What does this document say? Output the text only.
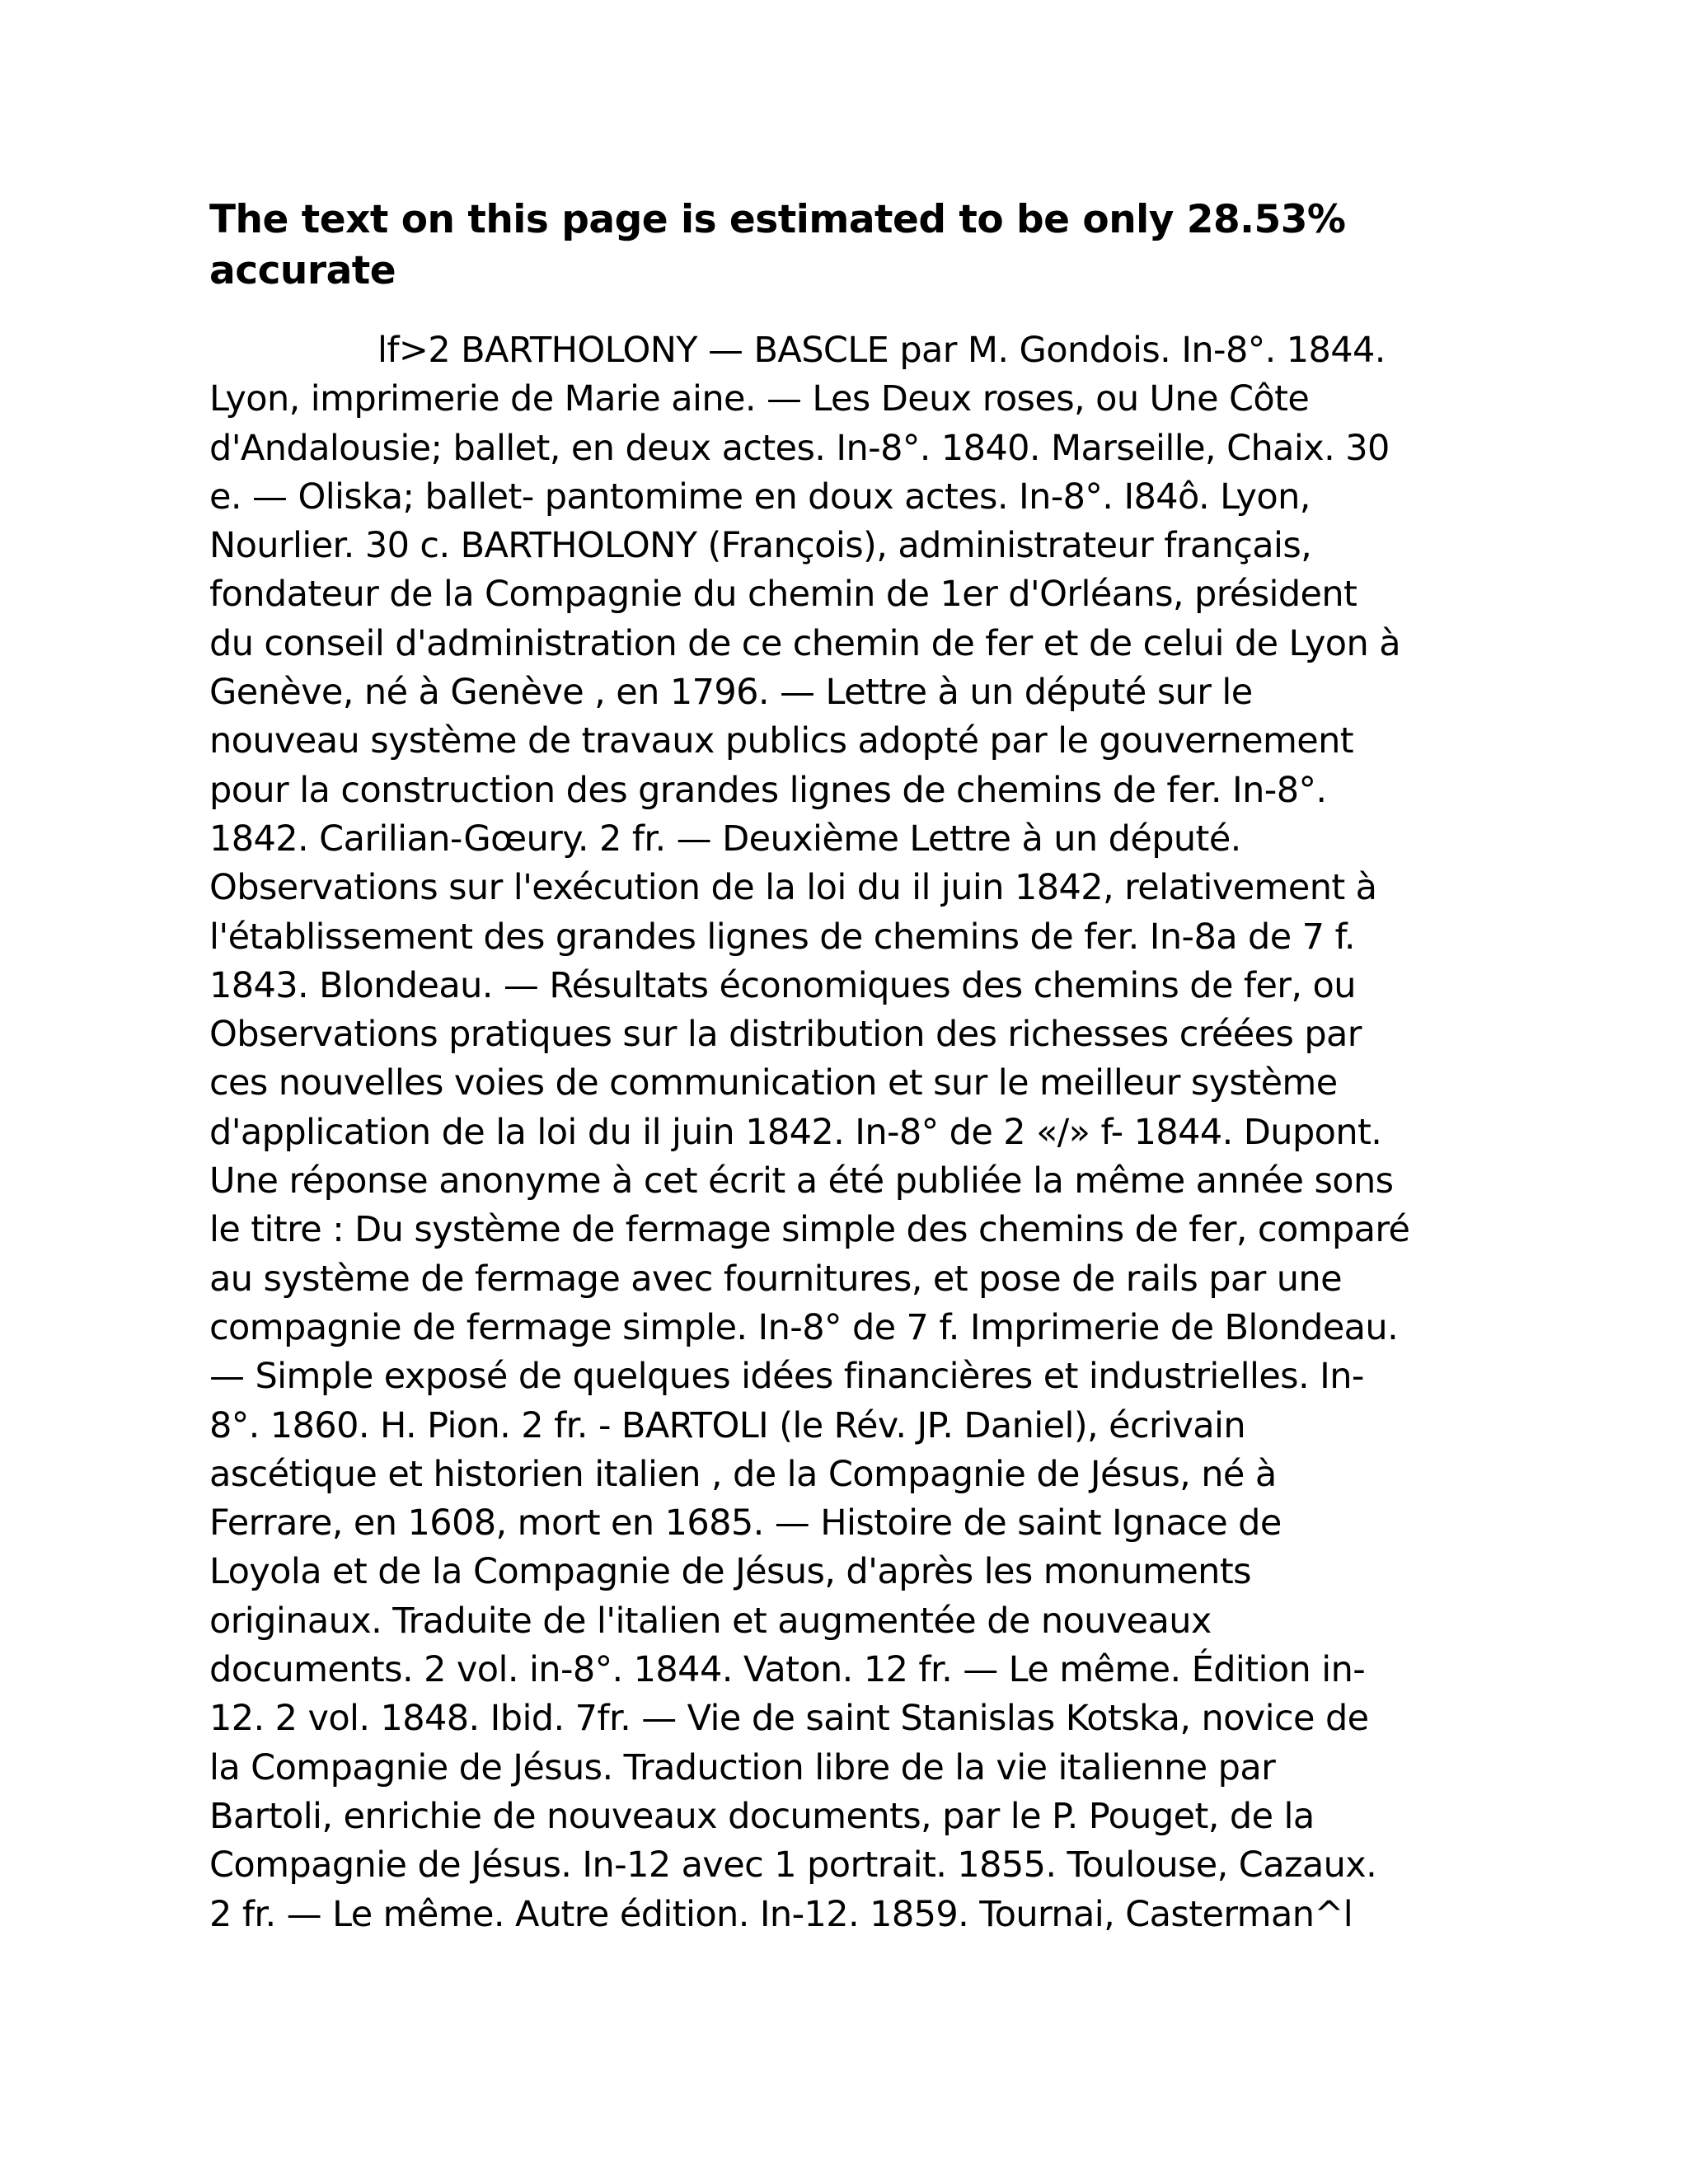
The text on this page is estimated to be only 28.53%
accurate
lf>2 BARTHOLONY — BASCLE par M. Gondois. In-8°. 1844.
Lyon, imprimerie de Marie aine. — Les Deux roses, ou Une Côte
d'Andalousie; ballet, en deux actes. In-8°. 1840. Marseille, Chaix. 30
e. — Oliska; ballet- pantomime en doux actes. In-8°. I84ô. Lyon,
Nourlier. 30 c. BARTHOLONY (François), administrateur français,
fondateur de la Compagnie du chemin de 1er d'Orléans, président
du conseil d'administration de ce chemin de fer et de celui de Lyon à
Genève, né à Genève , en 1796. — Lettre à un député sur le
nouveau système de travaux publics adopté par le gouvernement
pour la construction des grandes lignes de chemins de fer. In-8°.
1842. Carilian-Gœury. 2 fr. — Deuxième Lettre à un député.
Observations sur l'exécution de la loi du il juin 1842, relativement à
l'établissement des grandes lignes de chemins de fer. In-8a de 7 f.
1843. Blondeau. — Résultats économiques des chemins de fer, ou
Observations pratiques sur la distribution des richesses créées par
ces nouvelles voies de communication et sur le meilleur système
d'application de la loi du il juin 1842. In-8° de 2 «/» f- 1844. Dupont.
Une réponse anonyme à cet écrit a été publiée la même année sons
le titre : Du système de fermage simple des chemins de fer, comparé
au système de fermage avec fournitures, et pose de rails par une
compagnie de fermage simple. In-8° de 7 f. Imprimerie de Blondeau.
— Simple exposé de quelques idées financières et industrielles. In-
8°. 1860. H. Pion. 2 fr. - BARTOLI (le Rév. JP. Daniel), écrivain
ascétique et historien italien , de la Compagnie de Jésus, né à
Ferrare, en 1608, mort en 1685. — Histoire de saint Ignace de
Loyola et de la Compagnie de Jésus, d'après les monuments
originaux. Traduite de l'italien et augmentée de nouveaux
documents. 2 vol. in-8°. 1844. Vaton. 12 fr. — Le même. Édition in-
12. 2 vol. 1848. Ibid. 7fr. — Vie de saint Stanislas Kotska, novice de
la Compagnie de Jésus. Traduction libre de la vie italienne par
Bartoli, enrichie de nouveaux documents, par le P. Pouget, de la
Compagnie de Jésus. In-12 avec 1 portrait. 1855. Toulouse, Cazaux.
2 fr. — Le même. Autre édition. In-12. 1859. Tournai, Casterman^l
